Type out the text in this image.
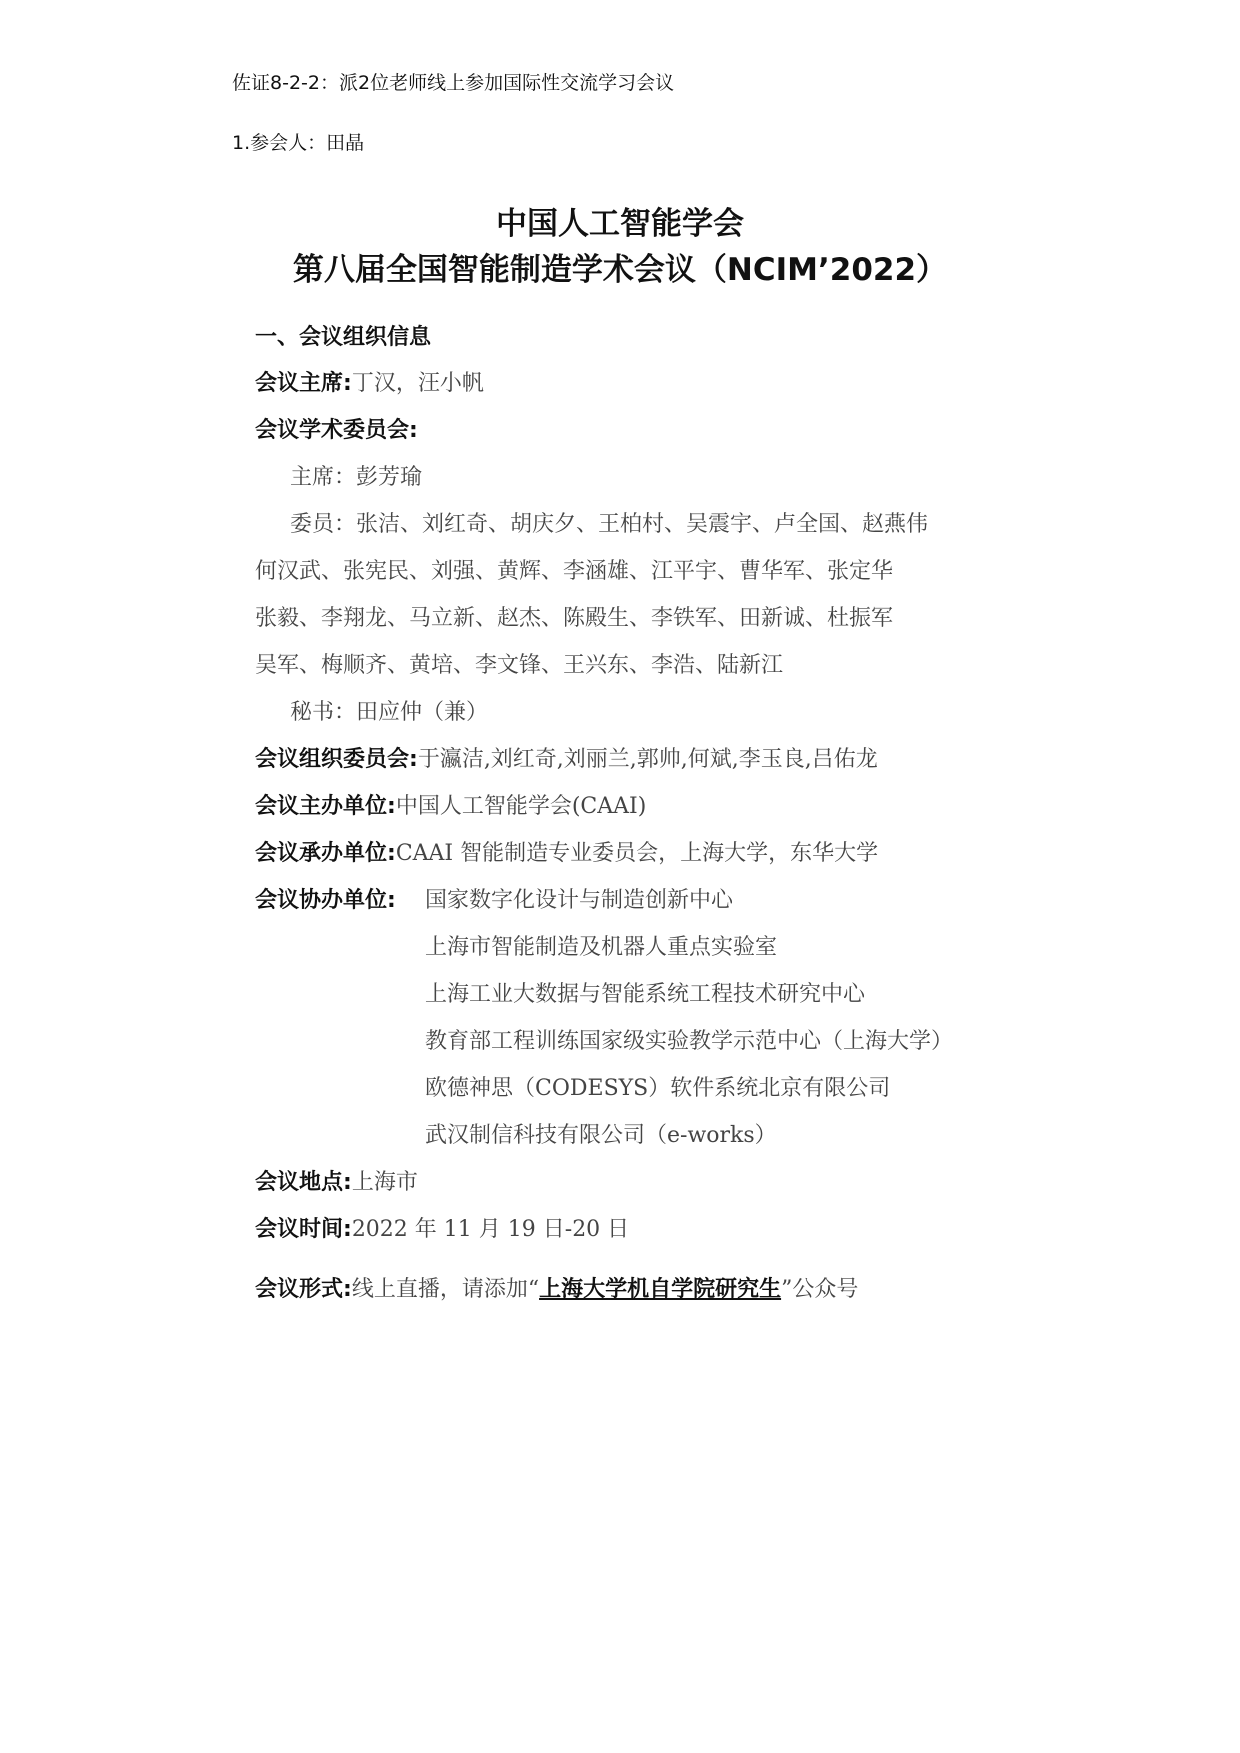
佐证8-2-2：派2位老师线上参加国际性交流学习会议
1.参会人：田晶
中国人工智能学会
第八届全国智能制造学术会议（NCIM’2022）
一、会议组织信息
会议主席:丁汉，汪小帆
会议学术委员会:
主席：彭芳瑜
委员：张洁、刘红奇、胡庆夕、王柏村、吴震宇、卢全国、赵燕伟
何汉武、张宪民、刘强、黄辉、李涵雄、江平宇、曹华军、张定华
张毅、李翔龙、马立新、赵杰、陈殿生、李铁军、田新诚、杜振军
吴军、梅顺齐、黄培、李文锋、王兴东、李浩、陆新江
秘书：田应仲（兼）
会议组织委员会:于瀛洁,刘红奇,刘丽兰,郭帅,何斌,李玉良,吕佑龙
会议主办单位:中国人工智能学会(CAAI)
会议承办单位:CAAI 智能制造专业委员会，上海大学，东华大学
会议协办单位: 国家数字化设计与制造创新中心
上海市智能制造及机器人重点实验室
上海工业大数据与智能系统工程技术研究中心
教育部工程训练国家级实验教学示范中心（上海大学）
欧德神思（CODESYS）软件系统北京有限公司
武汉制信科技有限公司（e-works）
会议地点:上海市
会议时间:2022 年 11 月 19 日-20 日
会议形式:线上直播，请添加“上海大学机自学院研究生”公众号
